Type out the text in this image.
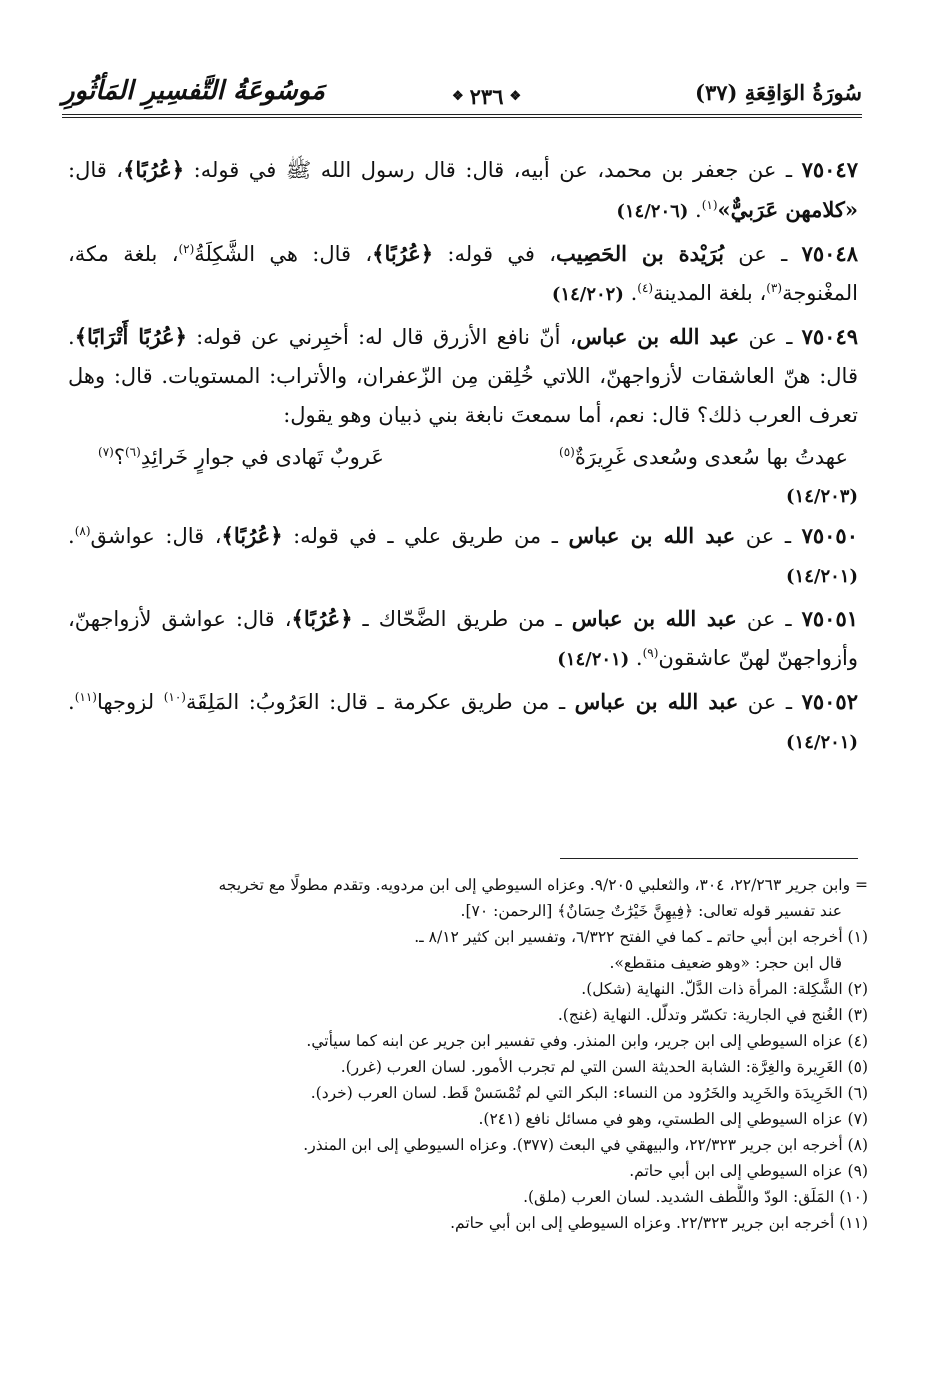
سُورَةُ الوَاقِعَةِ (٣٧)
❖ ٢٣٦ ❖
مَوسُوعَةُ التَّفسِيرِ المَأثُورِ

٧٥٠٤٧ ـ عن جعفر بن محمد، عن أبيه، قال: قال رسول الله ﷺ في قوله: ﴿عُرُبًا﴾، قال: «كلامهن عَرَبيٌّ»$^{(١)}$. (١٤/٢٠٦)

٧٥٠٤٨ ـ عن بُرَيْدة بن الحَصِيب، في قوله: ﴿عُرُبًا﴾، قال: هي الشَّكِلَةُ$^{(٢)}$، بلغة مكة، المغْنوجة$^{(٣)}$، بلغة المدينة$^{(٤)}$. (١٤/٢٠٢)

٧٥٠٤٩ ـ عن عبد الله بن عباس، أنّ نافع الأزرق قال له: أخبِرني عن قوله: ﴿عُرُبًا أَتْرَابًا﴾. قال: هنّ العاشقات لأزواجهنّ، اللاتي خُلِقن مِن الزّعفران، والأتراب: المستويات. قال: وهل تعرف العرب ذلك؟ قال: نعم، أما سمعتَ نابغة بني ذبيان وهو يقول:

عهدتُ بها سُعدى وسُعدى غَرِيرَةٌ$^{(٥)}$
عَروبٌ تَهادى في جوارٍ خَرائِدِ$^{(٦)}$؟$^{(٧)}$
(١٤/٢٠٣)

٧٥٠٥٠ ـ عن عبد الله بن عباس ـ من طريق علي ـ في قوله: ﴿عُرُبًا﴾، قال: عواشق$^{(٨)}$. (١٤/٢٠١)

٧٥٠٥١ ـ عن عبد الله بن عباس ـ من طريق الضَّحّاك ـ ﴿عُرُبًا﴾، قال: عواشق لأزواجهنّ، وأزواجهنّ لهنّ عاشقون$^{(٩)}$. (١٤/٢٠١)

٧٥٠٥٢ ـ عن عبد الله بن عباس ـ من طريق عكرمة ـ قال: العَرُوبُ: المَلِقَة$^{(١٠)}$ لزوجها$^{(١١)}$. (١٤/٢٠١)

= وابن جرير ٢٢/٢٦٣، ٣٠٤، والثعلبي ٩/٢٠٥. وعزاه السيوطي إلى ابن مردويه. وتقدم مطولًا مع تخريجه

عند تفسير قوله تعالى: ﴿فِيهِنَّ خَيْرَٰتٌ حِسَانٌ﴾ [الرحمن: ٧٠].

(١) أخرجه ابن أبي حاتم ـ كما في الفتح ٦/٣٢٢، وتفسير ابن كثير ٨/١٢ ـ.

قال ابن حجر: «وهو ضعيف منقطع».

(٢) الشَّكِلة: المرأة ذات الدَّلّ. النهاية (شكل).

(٣) الغُنج في الجارية: تكسّر وتدلّل. النهاية (غنج).

(٤) عزاه السيوطي إلى ابن جرير، وابن المنذر. وفي تفسير ابن جرير عن ابنه كما سيأتي.

(٥) الغَرِيرة والغِرَّة: الشابة الحديثة السن التي لم تجرب الأمور. لسان العرب (غرر).

(٦) الخَرِيدَة والخَرِيد والخَرُود من النساء: البكر التي لم تُمْسَسْ قَط. لسان العرب (خرد).

(٧) عزاه السيوطي إلى الطستي، وهو في مسائل نافع (٢٤١).

(٨) أخرجه ابن جرير ٢٢/٣٢٣، والبيهقي في البعث (٣٧٧). وعزاه السيوطي إلى ابن المنذر.

(٩) عزاه السيوطي إلى ابن أبي حاتم.

(١٠) المَلَق: الودّ واللُّطف الشديد. لسان العرب (ملق).

(١١) أخرجه ابن جرير ٢٢/٣٢٣. وعزاه السيوطي إلى ابن أبي حاتم.
